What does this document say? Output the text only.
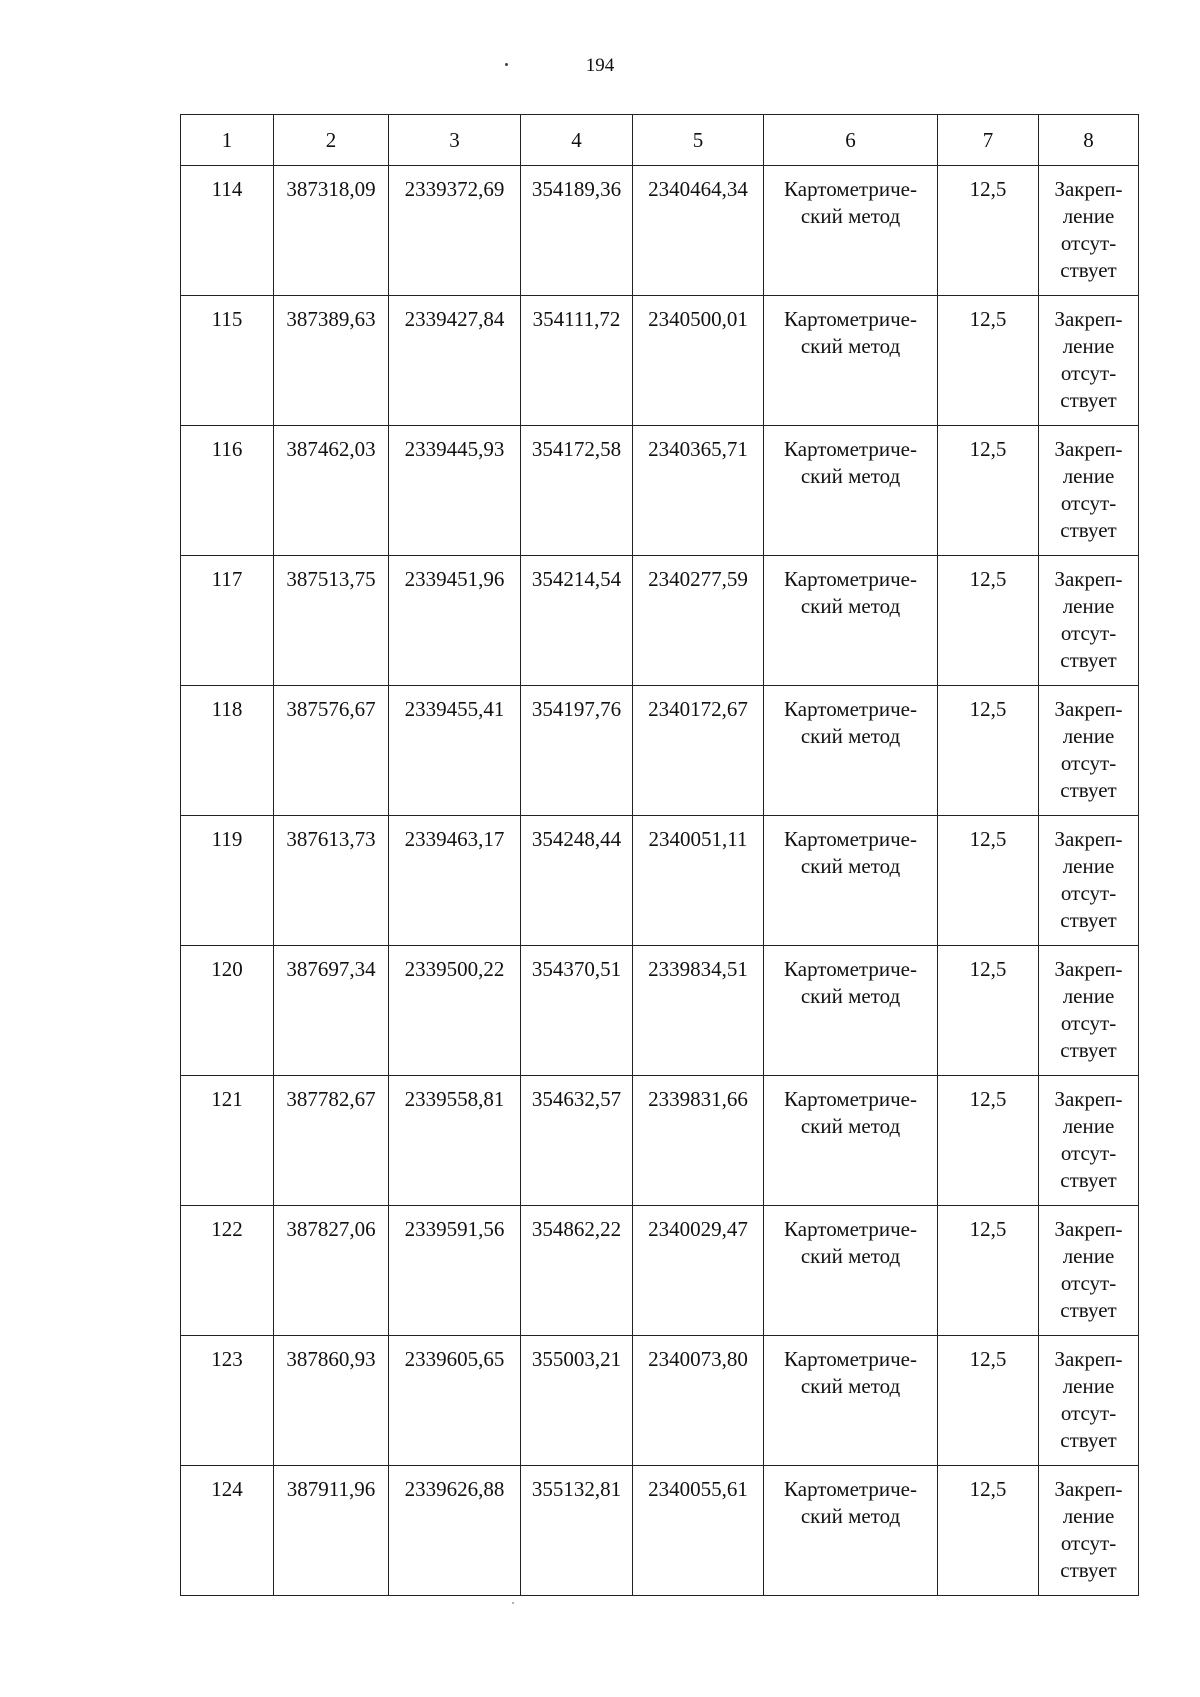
194
1	2	3	4	5	6	7	8
114	387318,09	2339372,69	354189,36	2340464,34	Картометриче-
ский метод	12,5	Закреп-
ление
отсут-
ствует

115	387389,63	2339427,84	354111,72	2340500,01	Картометриче-
ский метод	12,5	Закреп-
ление
отсут-
ствует

116	387462,03	2339445,93	354172,58	2340365,71	Картометриче-
ский метод	12,5	Закреп-
ление
отсут-
ствует

117	387513,75	2339451,96	354214,54	2340277,59	Картометриче-
ский метод	12,5	Закреп-
ление
отсут-
ствует

118	387576,67	2339455,41	354197,76	2340172,67	Картометриче-
ский метод	12,5	Закреп-
ление
отсут-
ствует

119	387613,73	2339463,17	354248,44	2340051,11	Картометриче-
ский метод	12,5	Закреп-
ление
отсут-
ствует

120	387697,34	2339500,22	354370,51	2339834,51	Картометриче-
ский метод	12,5	Закреп-
ление
отсут-
ствует

121	387782,67	2339558,81	354632,57	2339831,66	Картометриче-
ский метод	12,5	Закреп-
ление
отсут-
ствует

122	387827,06	2339591,56	354862,22	2340029,47	Картометриче-
ский метод	12,5	Закреп-
ление
отсут-
ствует

123	387860,93	2339605,65	355003,21	2340073,80	Картометриче-
ский метод	12,5	Закреп-
ление
отсут-
ствует

124	387911,96	2339626,88	355132,81	2340055,61	Картометриче-
ский метод	12,5	Закреп-
ление
отсут-
ствует
